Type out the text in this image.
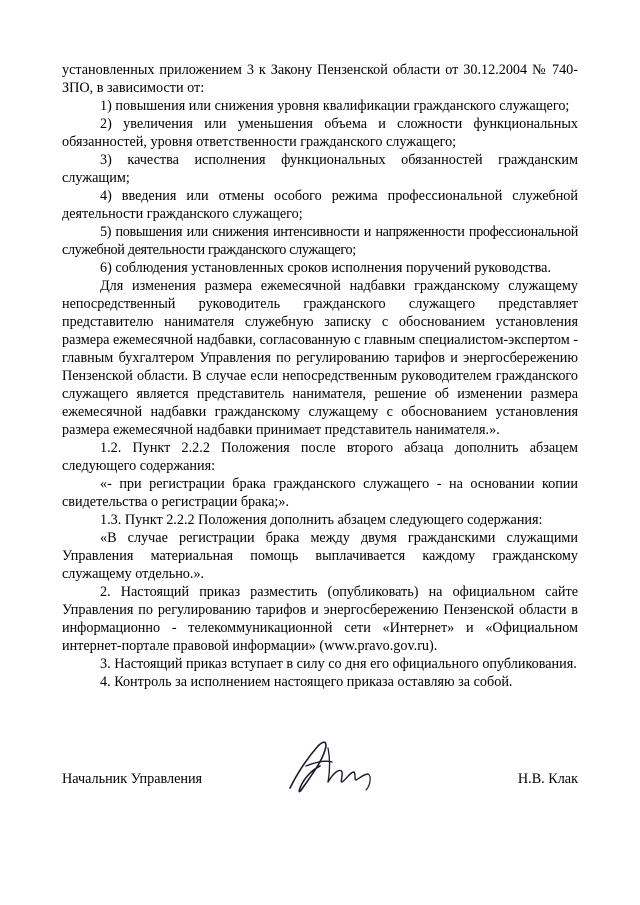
установленных приложением 3 к Закону Пензенской области от 30.12.2004 № 740-ЗПО, в зависимости от:

1) повышения или снижения уровня квалификации гражданского служащего;

2) увеличения или уменьшения объема и сложности функциональных обязанностей, уровня ответственности гражданского служащего;

3) качества исполнения функциональных обязанностей гражданским служащим;

4) введения или отмены особого режима профессиональной служебной деятельности гражданского служащего;

5) повышения или снижения интенсивности и напряженности профессиональной служебной деятельности гражданского служащего;

6) соблюдения установленных сроков исполнения поручений руководства.

Для изменения размера ежемесячной надбавки гражданскому служащему непосредственный руководитель гражданского служащего представляет представителю нанимателя служебную записку с обоснованием установления размера ежемесячной надбавки, согласованную с главным специалистом-экспертом - главным бухгалтером Управления по регулированию тарифов и энергосбережению Пензенской области. В случае если непосредственным руководителем гражданского служащего является представитель нанимателя, решение об изменении размера ежемесячной надбавки гражданскому служащему с обоснованием установления размера ежемесячной надбавки принимает представитель нанимателя.».

1.2. Пункт 2.2.2 Положения после второго абзаца дополнить абзацем следующего содержания:

«- при регистрации брака гражданского служащего - на основании копии свидетельства о регистрации брака;».

1.3. Пункт 2.2.2 Положения дополнить абзацем следующего содержания:

«В случае регистрации брака между двумя гражданскими служащими Управления материальная помощь выплачивается каждому гражданскому служащему отдельно.».

2. Настоящий приказ разместить (опубликовать) на официальном сайте Управления по регулированию тарифов и энергосбережению Пензенской области в информационно - телекоммуникационной сети «Интернет» и «Официальном интернет-портале правовой информации» (www.pravo.gov.ru).

3. Настоящий приказ вступает в силу со дня его официального опубликования.

4. Контроль за исполнением настоящего приказа оставляю за собой.

Начальник Управления	Н.В. Клак
